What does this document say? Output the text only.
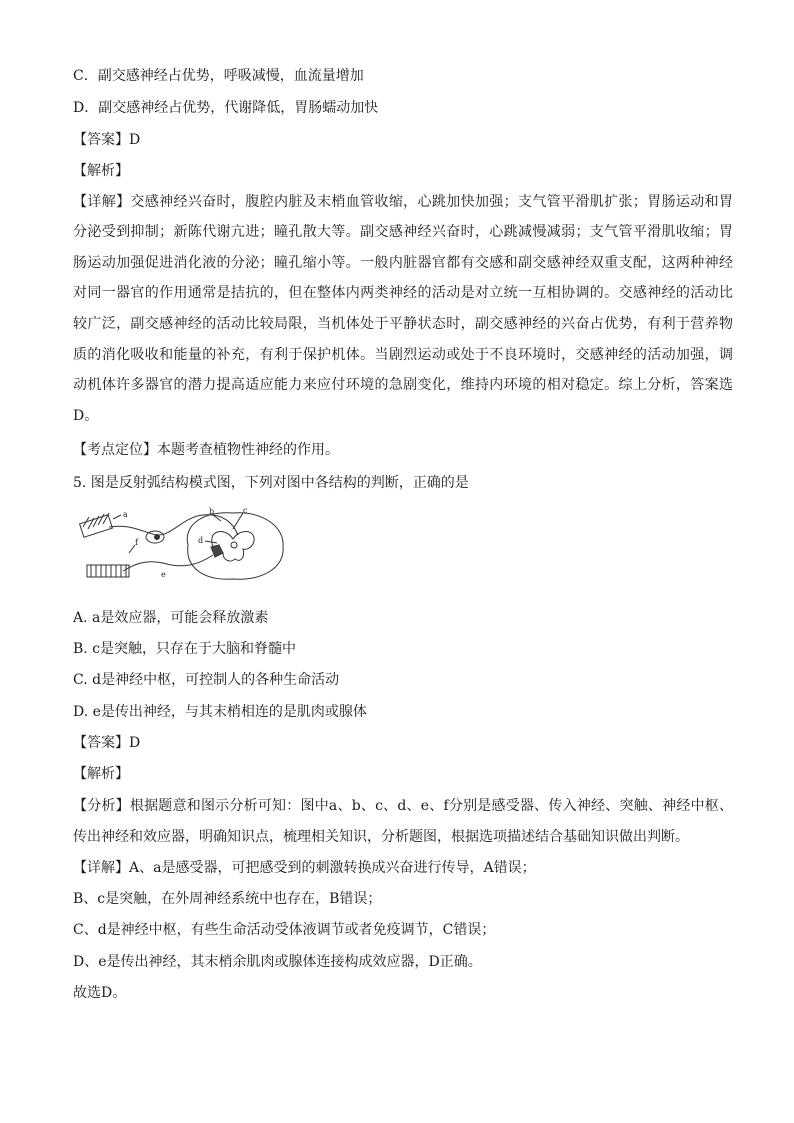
C．副交感神经占优势，呼吸减慢，血流量增加
D．副交感神经占优势，代谢降低，胃肠蠕动加快
【答案】D
【解析】
【详解】交感神经兴奋时，腹腔内脏及末梢血管收缩，心跳加快加强；支气管平滑肌扩张；胃肠运动和胃
分泌受到抑制；新陈代谢亢进；瞳孔散大等。副交感神经兴奋时，心跳减慢减弱；支气管平滑肌收缩；胃
肠运动加强促进消化液的分泌；瞳孔缩小等。一般内脏器官都有交感和副交感神经双重支配，这两种神经
对同一器官的作用通常是拮抗的，但在整体内两类神经的活动是对立统一互相协调的。交感神经的活动比
较广泛，副交感神经的活动比较局限，当机体处于平静状态时，副交感神经的兴奋占优势，有利于营养物
质的消化吸收和能量的补充，有利于保护机体。当剧烈运动或处于不良环境时，交感神经的活动加强，调
动机体许多器官的潜力提高适应能力来应付环境的急剧变化，维持内环境的相对稳定。综上分析，答案选
D。
【考点定位】本题考查植物性神经的作用。
5. 图是反射弧结构模式图，下列对图中各结构的判断，正确的是
a	b	c
d
e
f
A. a是效应器，可能会释放激素
B. c是突触，只存在于大脑和脊髓中
C. d是神经中枢，可控制人的各种生命活动
D. e是传出神经，与其末梢相连的是肌肉或腺体
【答案】D
【解析】
【分析】根据题意和图示分析可知：图中a、b、c、d、e、f分别是感受器、传入神经、突触、神经中枢、
传出神经和效应器，明确知识点，梳理相关知识，分析题图，根据选项描述结合基础知识做出判断。
【详解】A、a是感受器，可把感受到的刺激转换成兴奋进行传导，A错误；
B、c是突触，在外周神经系统中也存在，B错误；
C、d是神经中枢，有些生命活动受体液调节或者免疫调节，C错误；
D、e是传出神经，其末梢余肌肉或腺体连接构成效应器，D正确。
故选D。
